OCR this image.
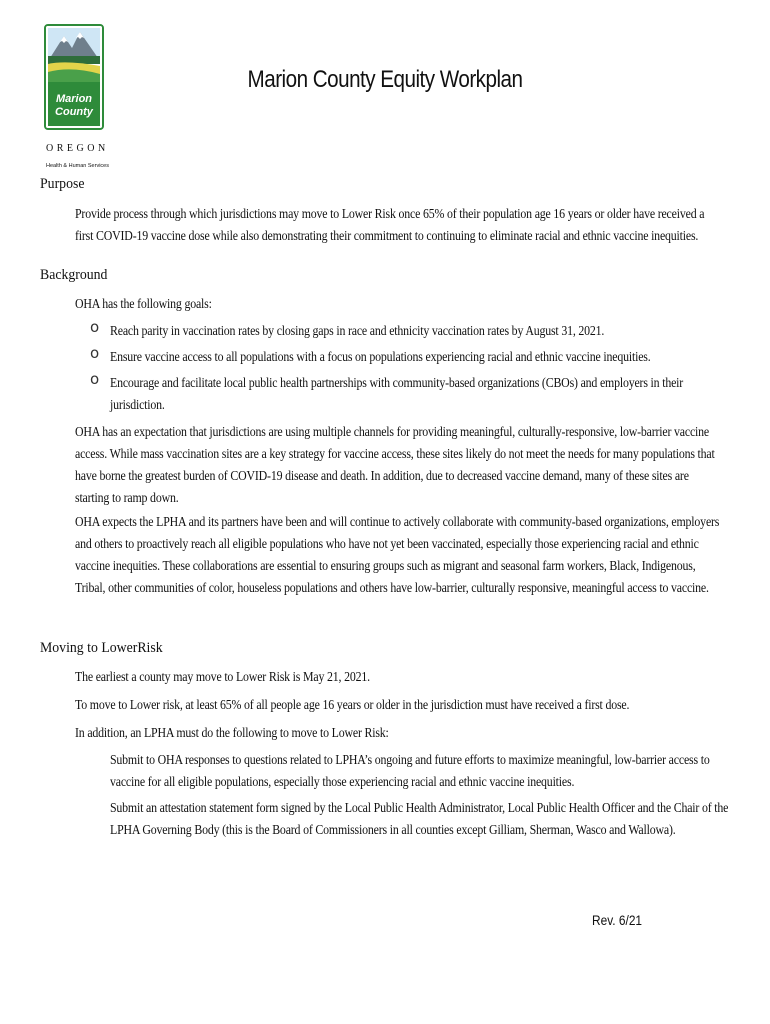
Marion
County
OREGON
Health & Human Services
Marion County Equity Workplan
Purpose
Provide process through which jurisdictions may move to Lower Risk once 65% of their population age 16 years or older have received a first COVID-19 vaccine dose while also demonstrating their commitment to continuing to eliminate racial and ethnic vaccine inequities.
Background
OHA has the following goals:
o Reach parity in vaccination rates by closing gaps in race and ethnicity vaccination rates by August 31, 2021.
o Ensure vaccine access to all populations with a focus on populations experiencing racial and ethnic vaccine inequities.
o Encourage and facilitate local public health partnerships with community-based organizations (CBOs) and employers in their jurisdiction.
OHA has an expectation that jurisdictions are using multiple channels for providing meaningful, culturally-responsive, low-barrier vaccine access. While mass vaccination sites are a key strategy for vaccine access, these sites likely do not meet the needs for many populations that have borne the greatest burden of COVID-19 disease and death. In addition, due to decreased vaccine demand, many of these sites are starting to ramp down.
OHA expects the LPHA and its partners have been and will continue to actively collaborate with community-based organizations, employers and others to proactively reach all eligible populations who have not yet been vaccinated, especially those experiencing racial and ethnic vaccine inequities. These collaborations are essential to ensuring groups such as migrant and seasonal farm workers, Black, Indigenous, Tribal, other communities of color, houseless populations and others have low-barrier, culturally responsive, meaningful access to vaccine.
Moving to LowerRisk
The earliest a county may move to Lower Risk is May 21, 2021.
To move to Lower risk, at least 65% of all people age 16 years or older in the jurisdiction must have received a first dose.
In addition, an LPHA must do the following to move to Lower Risk:
Submit to OHA responses to questions related to LPHA’s ongoing and future efforts to maximize meaningful, low-barrier access to vaccine for all eligible populations, especially those experiencing racial and ethnic vaccine inequities.
Submit an attestation statement form signed by the Local Public Health Administrator, Local Public Health Officer and the Chair of the LPHA Governing Body (this is the Board of Commissioners in all counties except Gilliam, Sherman, Wasco and Wallowa).
Rev. 6/21
